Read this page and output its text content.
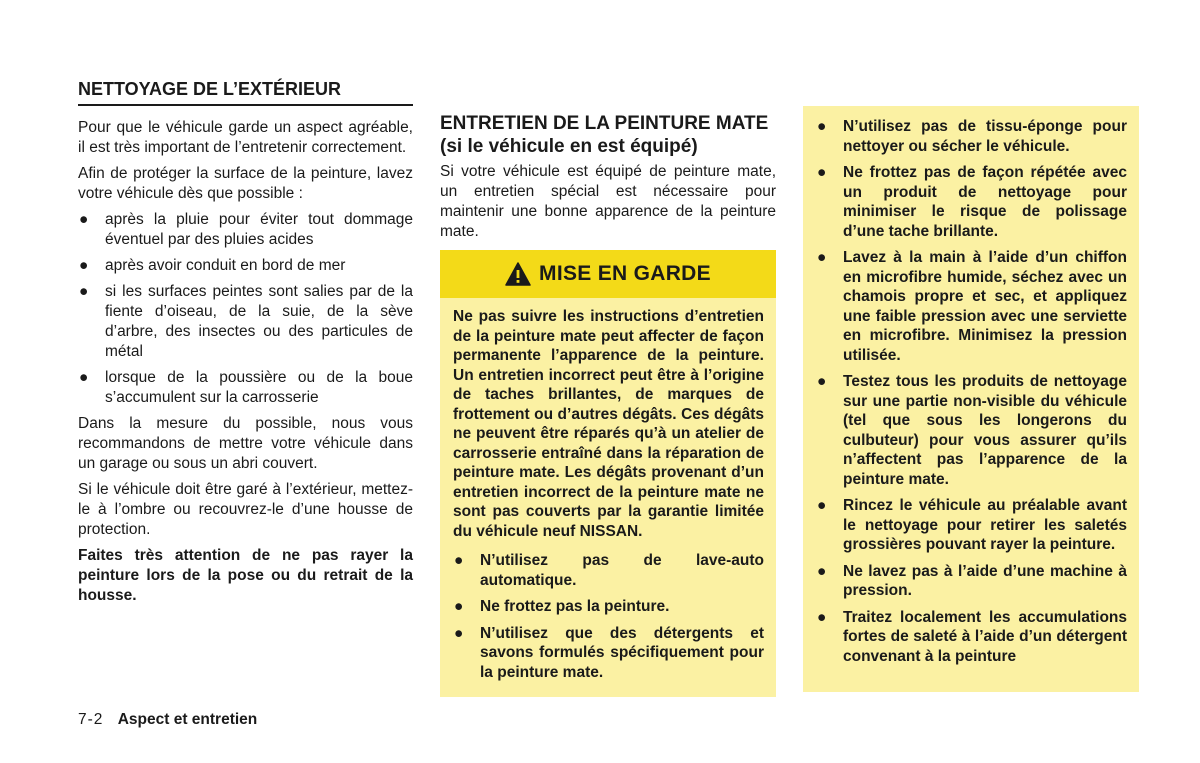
NETTOYAGE DE L’EXTÉRIEUR

Pour que le véhicule garde un aspect agréable, il est très important de l’entretenir correctement.

Afin de protéger la surface de la peinture, lavez votre véhicule dès que possible :

● après la pluie pour éviter tout dommage éventuel par des pluies acides
● après avoir conduit en bord de mer
● si les surfaces peintes sont salies par de la fiente d’oiseau, de la suie, de la sève d’arbre, des insectes ou des particules de métal
● lorsque de la poussière ou de la boue s’accumulent sur la carrosserie

Dans la mesure du possible, nous vous recommandons de mettre votre véhicule dans un garage ou sous un abri couvert.

Si le véhicule doit être garé à l’extérieur, mettez-le à l’ombre ou recouvrez-le d’une housse de protection.

Faites très attention de ne pas rayer la peinture lors de la pose ou du retrait de la housse.

ENTRETIEN DE LA PEINTURE MATE
(si le véhicule en est équipé)

Si votre véhicule est équipé de peinture mate, un entretien spécial est nécessaire pour maintenir une bonne apparence de la peinture mate.

MISE EN GARDE

Ne pas suivre les instructions d’entretien de la peinture mate peut affecter de façon permanente l’apparence de la peinture. Un entretien incorrect peut être à l’origine de taches brillantes, de marques de frottement ou d’autres dégâts. Ces dégâts ne peuvent être réparés qu’à un atelier de carrosserie entraîné dans la réparation de peinture mate. Les dégâts provenant d’un entretien incorrect de la peinture mate ne sont pas couverts par la garantie limitée du véhicule neuf NISSAN.

● N’utilisez pas de lave-auto automatique.
● Ne frottez pas la peinture.
● N’utilisez que des détergents et savons formulés spécifiquement pour la peinture mate.
● N’utilisez pas de tissu-éponge pour nettoyer ou sécher le véhicule.
● Ne frottez pas de façon répétée avec un produit de nettoyage pour minimiser le risque de polissage d’une tache brillante.
● Lavez à la main à l’aide d’un chiffon en microfibre humide, séchez avec un chamois propre et sec, et appliquez une faible pression avec une serviette en microfibre. Minimisez la pression utilisée.
● Testez tous les produits de nettoyage sur une partie non-visible du véhicule (tel que sous les longerons du culbuteur) pour vous assurer qu’ils n’affectent pas l’apparence de la peinture mate.
● Rincez le véhicule au préalable avant le nettoyage pour retirer les saletés grossières pouvant rayer la peinture.
● Ne lavez pas à l’aide d’une machine à pression.
● Traitez localement les accumulations fortes de saleté à l’aide d’un détergent convenant à la peinture
7-2 Aspect et entretien
